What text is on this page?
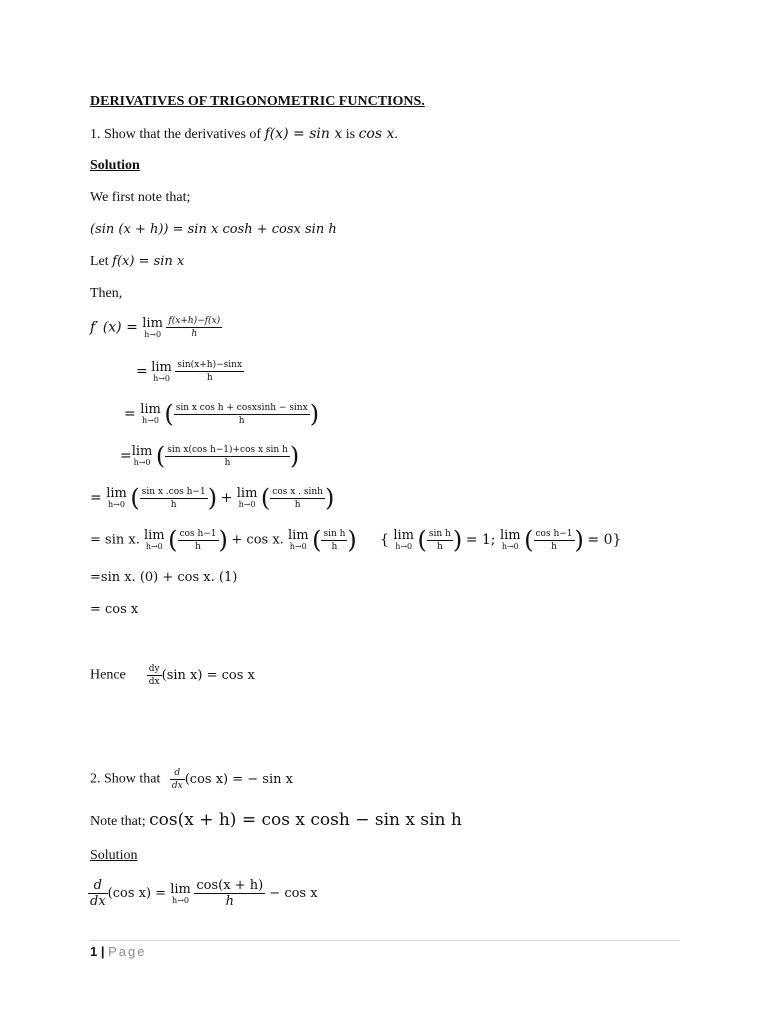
DERIVATIVES OF TRIGONOMETRIC FUNCTIONS.
1. Show that the derivatives of f(x) = sin x is cos x.
Solution
We first note that;
(sin (x + h)) = sin x cosh + cosx sin h
Let f(x) = sin x
Then,
f′ (x) = lim
h→0
$\frac{f(x+h)-f(x)}{h}$
= lim
h→0
$\frac{\sin(x+h)-\sin x}{h}$
= lim
h→0 ( $\frac{\text{sin x cos h + cosxsinh − sinx}}{h}$ )
= lim
h→0 ( $\frac{\text{sin x(cos h−1)+cos x sin h}}{h}$ )
= lim
h→0 ( $\frac{\text{sin x .cos h−1}}{h}$ ) + lim
h→0 ( $\frac{\text{cos x . sinh}}{h}$ )
= sin x. lim
h→0 ( $\frac{\text{cos h−1}}{h}$ ) + cos x. lim
h→0 ( $\frac{\text{sin h}}{h}$ ) { lim
h→0 ( $\frac{\text{sin h}}{h}$ ) = 1; lim
h→0 ( $\frac{\text{cos h−1}}{h}$ ) = 0}
=sin x. (0) + cos x. (1)
= cos x
Hence $\frac{dy}{dx} (\sin$ x) = cos x
2. Show that $\frac{d}{dx} (\cos$ x) = − sin x
Note that; cos(x + h) = cos x cosh − sin x sin h
Solution
$\frac{d}{dx} (\cos$ x) = lim
h→0
$\frac{\cos(x + h)}{h} - \cos x$
1 | Page
